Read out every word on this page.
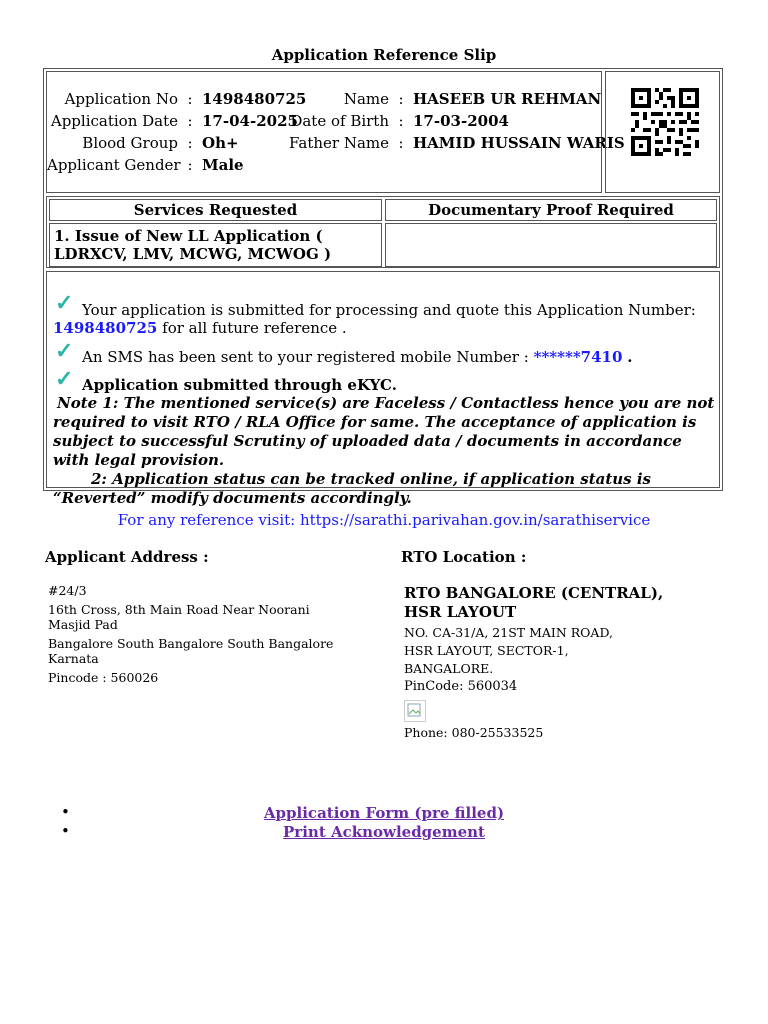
Application Reference Slip
Application No : 1498480725
Application Date : 17-04-2025
Blood Group : Oh+
Applicant Gender : Male
Name : HASEEB UR REHMAN
Date of Birth : 17-03-2004
Father Name : HAMID HUSSAIN WARIS
Services Requested	Documentary Proof Required
1. Issue of New LL Application ( LDRXCV, LMV, MCWG, MCWOG )
✓ Your application is submitted for processing and quote this Application Number: 1498480725 for all future reference .
✓ An SMS has been sent to your registered mobile Number : ******7410 .
✓ Application submitted through eKYC.
Note 1: The mentioned service(s) are Faceless / Contactless hence you are not required to visit RTO / RLA Office for same. The acceptance of application is subject to successful Scrutiny of uploaded data / documents in accordance with legal provision.
2: Application status can be tracked online, if application status is “Reverted” modify documents accordingly.
For any reference visit: https://sarathi.parivahan.gov.in/sarathiservice
Applicant Address :
#24/3
16th Cross, 8th Main Road Near Noorani Masjid Pad
Bangalore South Bangalore South Bangalore Karnata
Pincode : 560026
RTO Location :
RTO BANGALORE (CENTRAL), HSR LAYOUT
NO. CA-31/A, 21ST MAIN ROAD,
HSR LAYOUT, SECTOR-1,
BANGALORE.
PinCode: 560034
Phone: 080-25533525
•	Application Form (pre filled)
•	Print Acknowledgement
